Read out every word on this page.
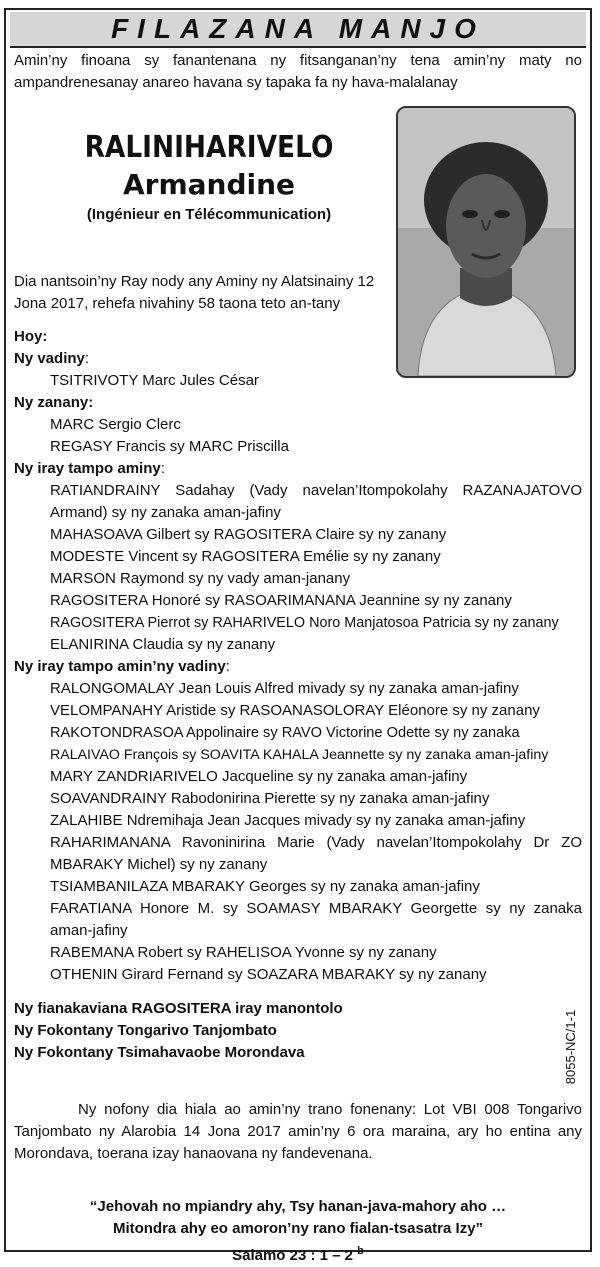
FILAZANA MANJO

Amin’ny finoana sy fanantenana ny fitsanganan’ny tena amin’ny maty no ampandrenesanay anareo havana sy tapaka fa ny hava-malalanay

RALINIHARIVELO
Armandine
(Ingénieur en Télécommunication)

Dia nantsoin’ny Ray nody any Aminy ny Alatsinainy 12 Jona 2017, rehefa nivahiny 58 taona teto an-tany

Hoy:
Ny vadiny:
TSITRIVOTY Marc Jules César
Ny zanany:
MARC Sergio Clerc
REGASY Francis sy MARC Priscilla
Ny iray tampo aminy:
RATIANDRAINY Sadahay (Vady navelan’Itompokolahy RAZANAJATOVO Armand) sy ny zanaka aman-jafiny
MAHASOAVA Gilbert sy RAGOSITERA Claire sy ny zanany
MODESTE Vincent sy RAGOSITERA Emélie sy ny zanany
MARSON Raymond sy ny vady aman-janany
RAGOSITERA Honoré sy RASOARIMANANA Jeannine sy ny zanany
RAGOSITERA Pierrot sy RAHARIVELO Noro Manjatosoa Patricia sy ny zanany
ELANIRINA Claudia sy ny zanany
Ny iray tampo amin’ny vadiny:
RALONGOMALAY Jean Louis Alfred mivady sy ny zanaka aman-jafiny
VELOMPANAHY Aristide sy RASOANASOLORAY Eléonore sy ny zanany
RAKOTONDRASOA Appolinaire sy RAVO Victorine Odette sy ny zanaka
RALAIVAO François sy SOAVITA KAHALA Jeannette sy ny zanaka aman-jafiny
MARY ZANDRIARIVELO Jacqueline sy ny zanaka aman-jafiny
SOAVANDRAINY Rabodonirina Pierette sy ny zanaka aman-jafiny
ZALAHIBE Ndremihaja Jean Jacques mivady sy ny zanaka aman-jafiny
RAHARIMANANA Ravoninirina Marie (Vady navelan’Itompokolahy Dr ZO MBARAKY Michel) sy ny zanany
TSIAMBANILAZA MBARAKY Georges sy ny zanaka aman-jafiny
FARATIANA Honore M. sy SOAMASY MBARAKY Georgette sy ny zanaka aman-jafiny
RABEMANA Robert sy RAHELISOA Yvonne sy ny zanany
OTHENIN Girard Fernand sy SOAZARA MBARAKY sy ny zanany
Ny fianakaviana RAGOSITERA iray manontolo
Ny Fokontany Tongarivo Tanjombato
Ny Fokontany Tsimahavaobe Morondava	8055-NC/1-1

Ny nofony dia hiala ao amin’ny trano fonenany: Lot VBI 008 Tongarivo Tanjombato ny Alarobia 14 Jona 2017 amin’ny 6 ora maraina, ary ho entina any Morondava, toerana izay hanaovana ny fandevenana.

“Jehovah no mpiandry ahy, Tsy hanan-java-mahory aho …
Mitondra ahy eo amoron’ny rano fialan-tsasatra Izy”
Salamo 23 : 1 – 2 $^b$
